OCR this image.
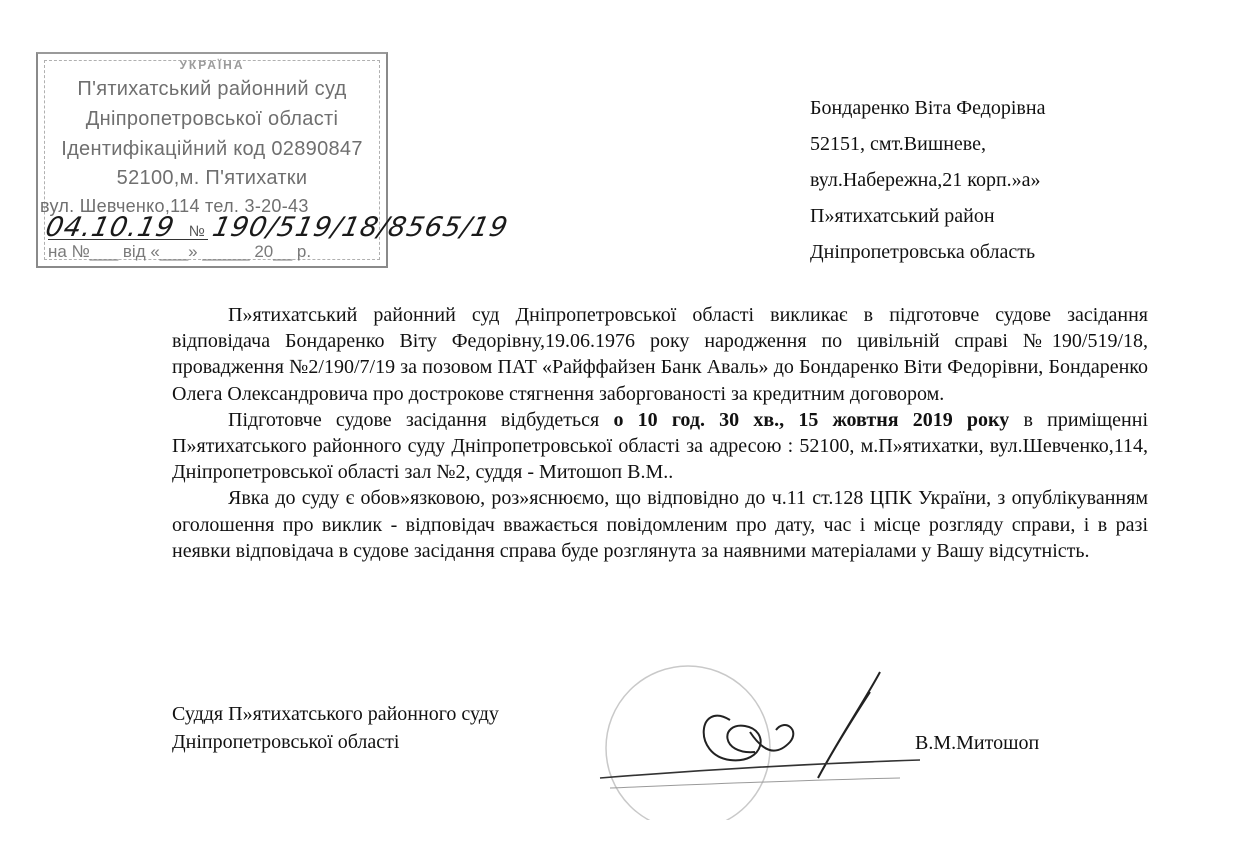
УКРАЇНА
П'ятихатський районний суд
Дніпропетровської області
Ідентифікаційний код 02890847
52100,м. П'ятихатки
вул. Шевченко,114 тел. 3-20-43
04.10.19 № 190/519/18/8565/19
на №___ від «___» _____ 20__ р.
Бондаренко Віта Федорівна
52151, смт.Вишневе,
вул.Набережна,21 корп.»а»
П»ятихатський район
Дніпропетровська область

П»ятихатський районний суд Дніпропетровської області викликає в підготовче судове засідання відповідача Бондаренко Віту Федорівну,19.06.1976 року народження по цивільній справі №190/519/18, провадження №2/190/7/19 за позовом ПАТ «Райффайзен Банк Аваль» до Бондаренко Віти Федорівни, Бондаренко Олега Олександровича про дострокове стягнення заборгованості за кредитним договором.

Підготовче судове засідання відбудеться о 10 год. 30 хв., 15 жовтня 2019 року в приміщенні П»ятихатського районного суду Дніпропетровської області за адресою : 52100, м.П»ятихатки, вул.Шевченко,114, Дніпропетровської області зал №2, суддя - Митошоп В.М..

Явка до суду є обов»язковою, роз»яснюємо, що відповідно до ч.11 ст.128 ЦПК України, з опублікуванням оголошення про виклик - відповідач вважається повідомленим про дату, час і місце розгляду справи, і в разі неявки відповідача в судове засідання справа буде розглянута за наявними матеріалами у Вашу відсутність.

Суддя П»ятихатського районного суду
Дніпропетровської області	В.М.Митошоп
